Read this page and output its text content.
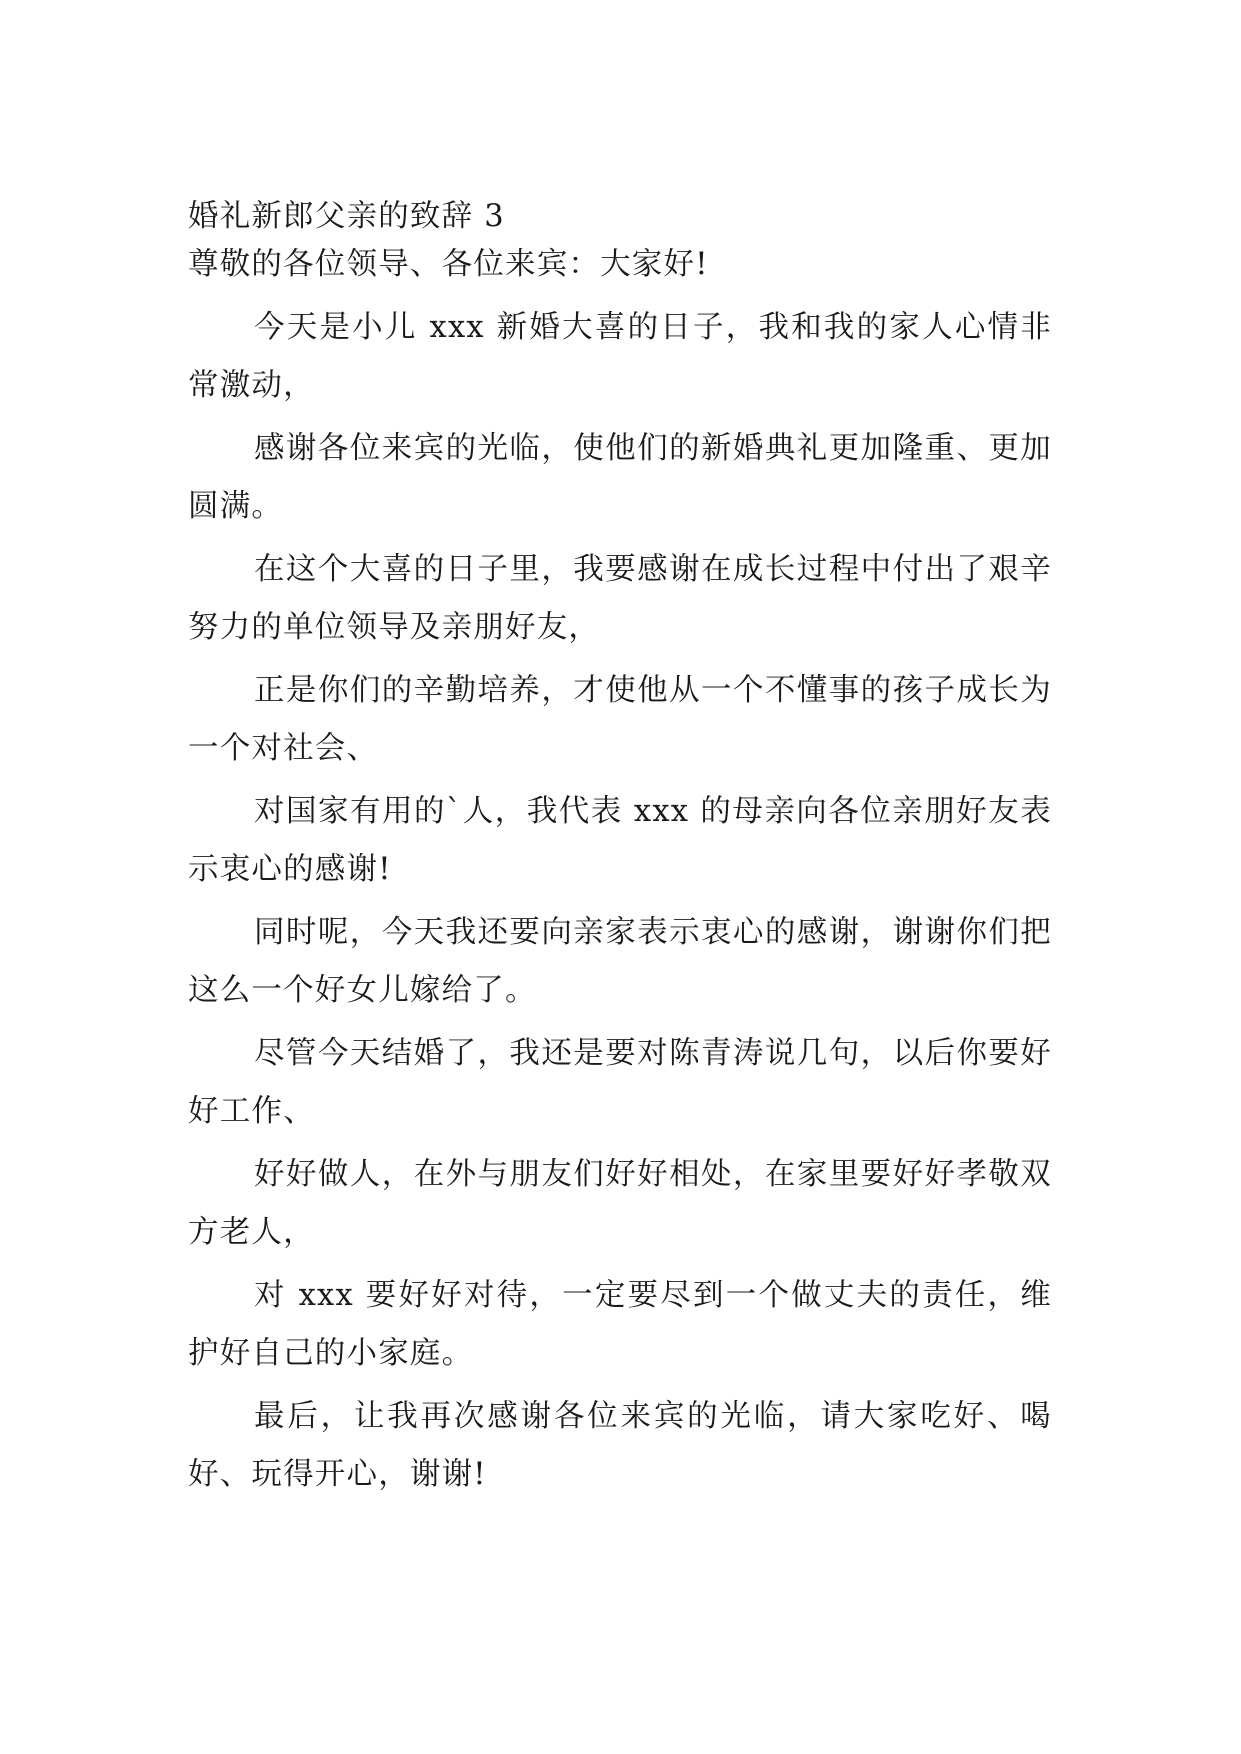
婚礼新郎父亲的致辞 3

尊敬的各位领导、各位来宾：大家好!

今天是小儿 xxx 新婚大喜的日子，我和我的家人心情非常激动，

感谢各位来宾的光临，使他们的新婚典礼更加隆重、更加圆满。

在这个大喜的日子里，我要感谢在成长过程中付出了艰辛努力的单位领导及亲朋好友，

正是你们的辛勤培养，才使他从一个不懂事的孩子成长为一个对社会、

对国家有用的`人，我代表 xxx 的母亲向各位亲朋好友表示衷心的感谢!

同时呢，今天我还要向亲家表示衷心的感谢，谢谢你们把这么一个好女儿嫁给了。

尽管今天结婚了，我还是要对陈青涛说几句，以后你要好好工作、

好好做人，在外与朋友们好好相处，在家里要好好孝敬双方老人，

对 xxx 要好好对待，一定要尽到一个做丈夫的责任，维护好自己的小家庭。

最后，让我再次感谢各位来宾的光临，请大家吃好、喝好、玩得开心，谢谢!
